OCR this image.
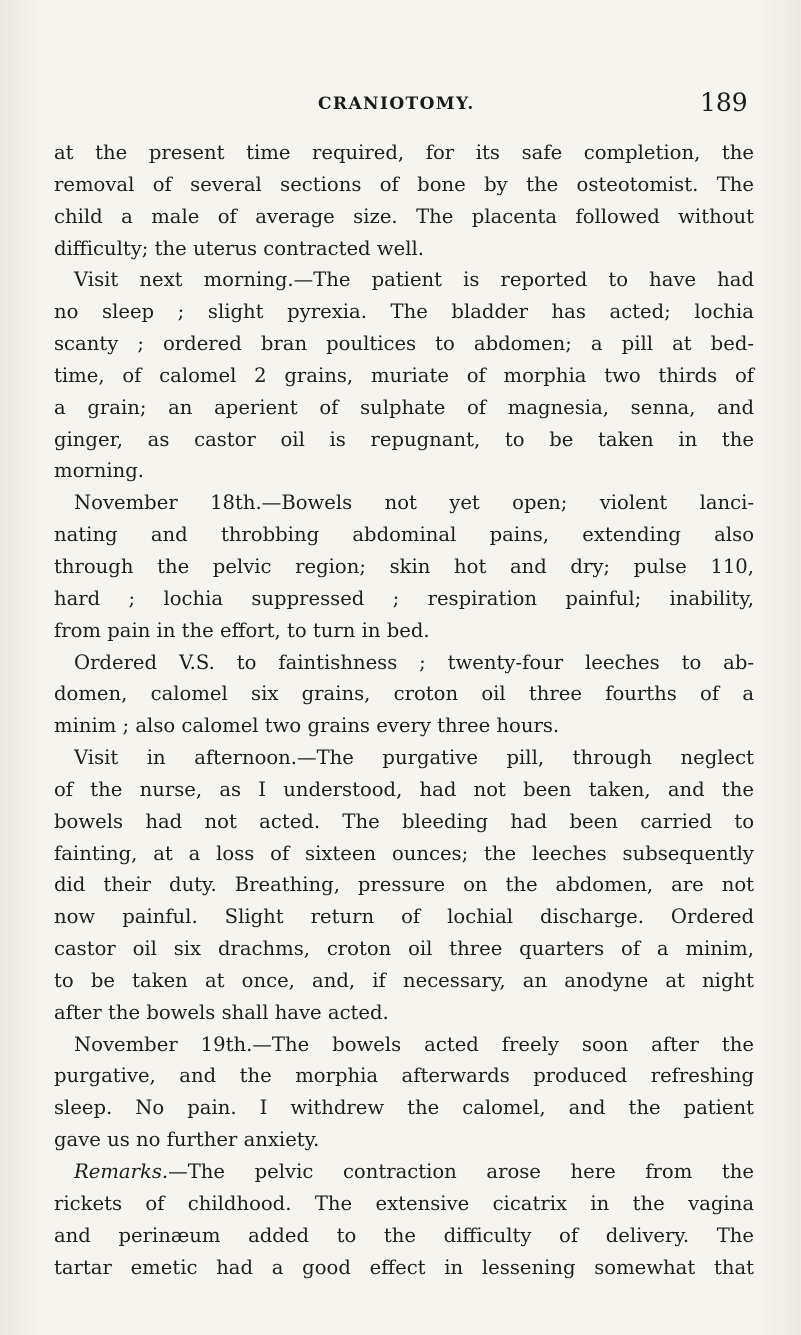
CRANIOTOMY.	189
at the present time required, for its safe completion, the
removal of several sections of bone by the osteotomist. The
child a male of average size. The placenta followed without
difficulty; the uterus contracted well.
Visit next morning.—The patient is reported to have had
no sleep ; slight pyrexia. The bladder has acted; lochia
scanty ; ordered bran poultices to abdomen; a pill at bed-
time, of calomel 2 grains, muriate of morphia two thirds of
a grain; an aperient of sulphate of magnesia, senna, and
ginger, as castor oil is repugnant, to be taken in the
morning.
November 18th.—Bowels not yet open; violent lanci-
nating and throbbing abdominal pains, extending also
through the pelvic region; skin hot and dry; pulse 110,
hard ; lochia suppressed ; respiration painful; inability,
from pain in the effort, to turn in bed.
Ordered V.S. to faintishness ; twenty-four leeches to ab-
domen, calomel six grains, croton oil three fourths of a
minim ; also calomel two grains every three hours.
Visit in afternoon.—The purgative pill, through neglect
of the nurse, as I understood, had not been taken, and the
bowels had not acted. The bleeding had been carried to
fainting, at a loss of sixteen ounces; the leeches subsequently
did their duty. Breathing, pressure on the abdomen, are not
now painful. Slight return of lochial discharge. Ordered
castor oil six drachms, croton oil three quarters of a minim,
to be taken at once, and, if necessary, an anodyne at night
after the bowels shall have acted.
November 19th.—The bowels acted freely soon after the
purgative, and the morphia afterwards produced refreshing
sleep. No pain. I withdrew the calomel, and the patient
gave us no further anxiety.
Remarks.—The pelvic contraction arose here from the
rickets of childhood. The extensive cicatrix in the vagina
and perinæum added to the difficulty of delivery. The
tartar emetic had a good effect in lessening somewhat that
